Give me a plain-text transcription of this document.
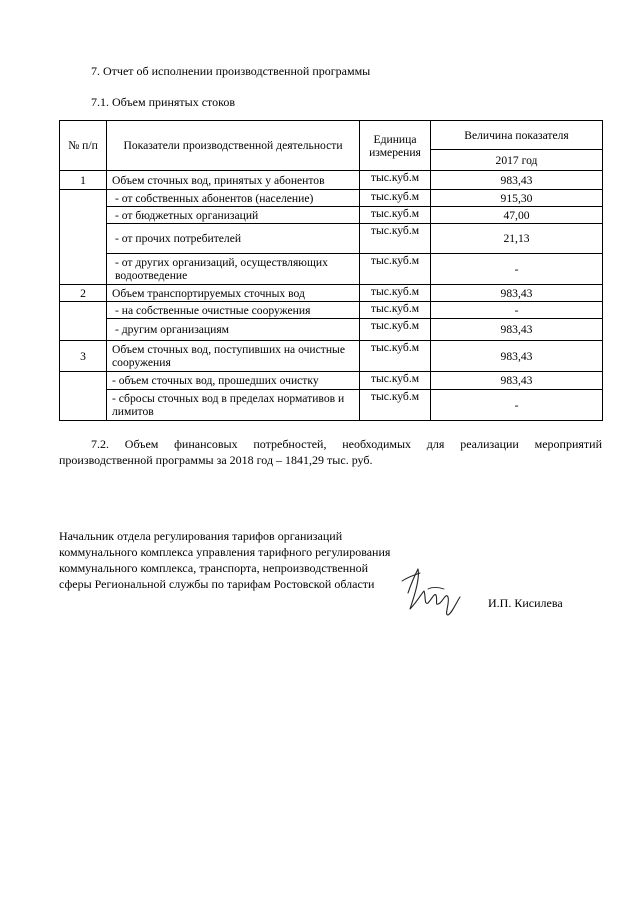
7. Отчет об исполнении производственной программы
7.1. Объем принятых стоков
№ п/п	Показатели производственной деятельности	Единица измерения	Величина показателя
			2017 год
1	Объем сточных вод, принятых у абонентов	тыс.куб.м	983,43
	- от собственных абонентов (население)	тыс.куб.м	915,30
	- от бюджетных организаций	тыс.куб.м	47,00
	- от прочих потребителей	тыс.куб.м	21,13
	- от других организаций, осуществляющих водоотведение	тыс.куб.м	-
2	Объем транспортируемых сточных вод	тыс.куб.м	983,43
	- на собственные очистные сооружения	тыс.куб.м	-
	- другим организациям	тыс.куб.м	983,43
3	Объем сточных вод, поступивших на очистные сооружения	тыс.куб.м	983,43
	- объем сточных вод, прошедших очистку	тыс.куб.м	983,43
	- сбросы сточных вод в пределах нормативов и лимитов	тыс.куб.м	-

7.2. Объем финансовых потребностей, необходимых для реализации мероприятий производственной программы за 2018 год – 1841,29 тыс. руб.

Начальник отдела регулирования тарифов организаций коммунального комплекса управления тарифного регулирования коммунального комплекса, транспорта, непроизводственной сферы Региональной службы по тарифам Ростовской области

И.П. Кисилева
